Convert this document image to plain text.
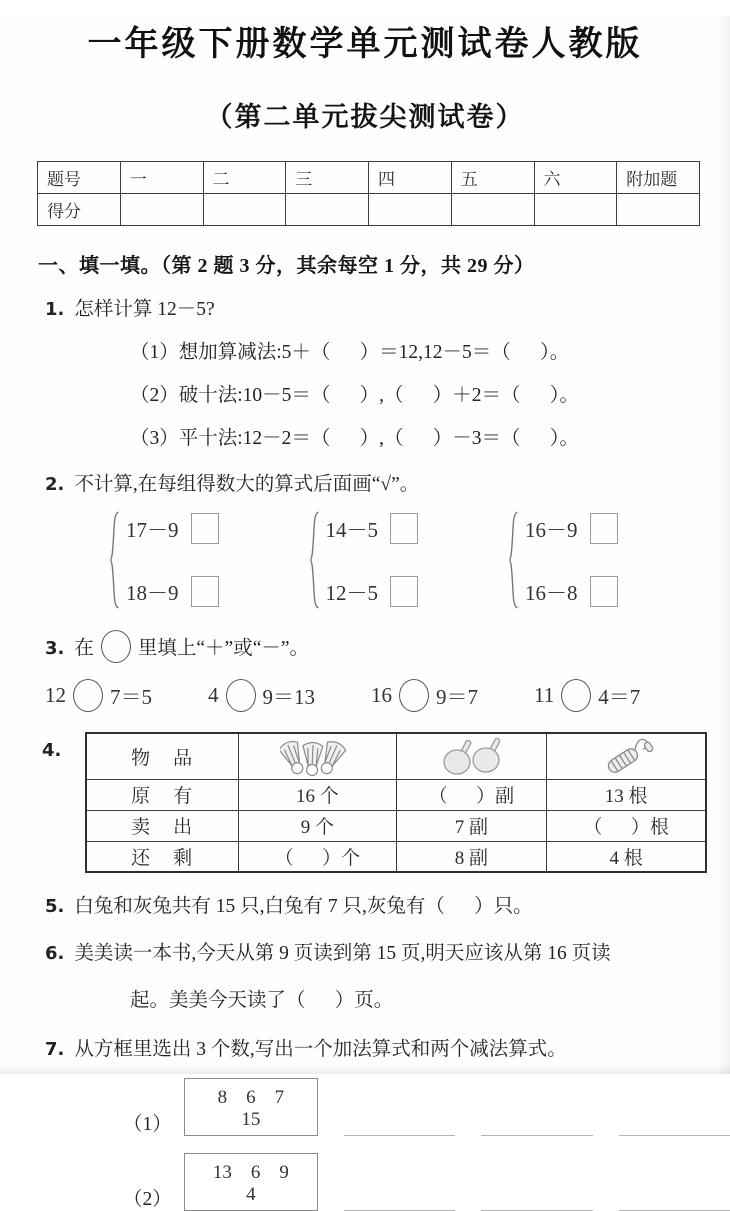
一年级下册数学单元测试卷人教版
（第二单元拔尖测试卷）
题号	一	二	三	四	五	六	附加题
得分							
一、填一填。（第 2 题 3 分，其余每空 1 分，共 29 分）
1. 怎样计算 12－5?
（1）想加算减法:5＋（      ）＝12,12－5＝（      ）。
（2）破十法:10－5＝（      ）,（      ）＋2＝（      ）。
（3）平十法:12－2＝（      ）,（      ）－3＝（      ）。
2. 不计算,在每组得数大的算式后面画“√”。
17－9
18－9
14－5
12－5
16－9
16－8
3. 在 里填上“＋”或“－”。
12 7＝5	4 9＝13	16 9＝7	11 4＝7
4.	物　品	

原　有	16 个	（      ）副	13 根
卖　出	9 个	7 副	（      ）根
还　剩	（      ）个	8 副	4 根
5. 白兔和灰兔共有 15 只,白兔有 7 只,灰兔有（      ）只。
6. 美美读一本书,今天从第 9 页读到第 15 页,明天应该从第 16 页读
起。美美今天读了（      ）页。
7. 从方框里选出 3 个数,写出一个加法算式和两个减法算式。
（1）
8　6　7　15
（2）
13　6　9　4
